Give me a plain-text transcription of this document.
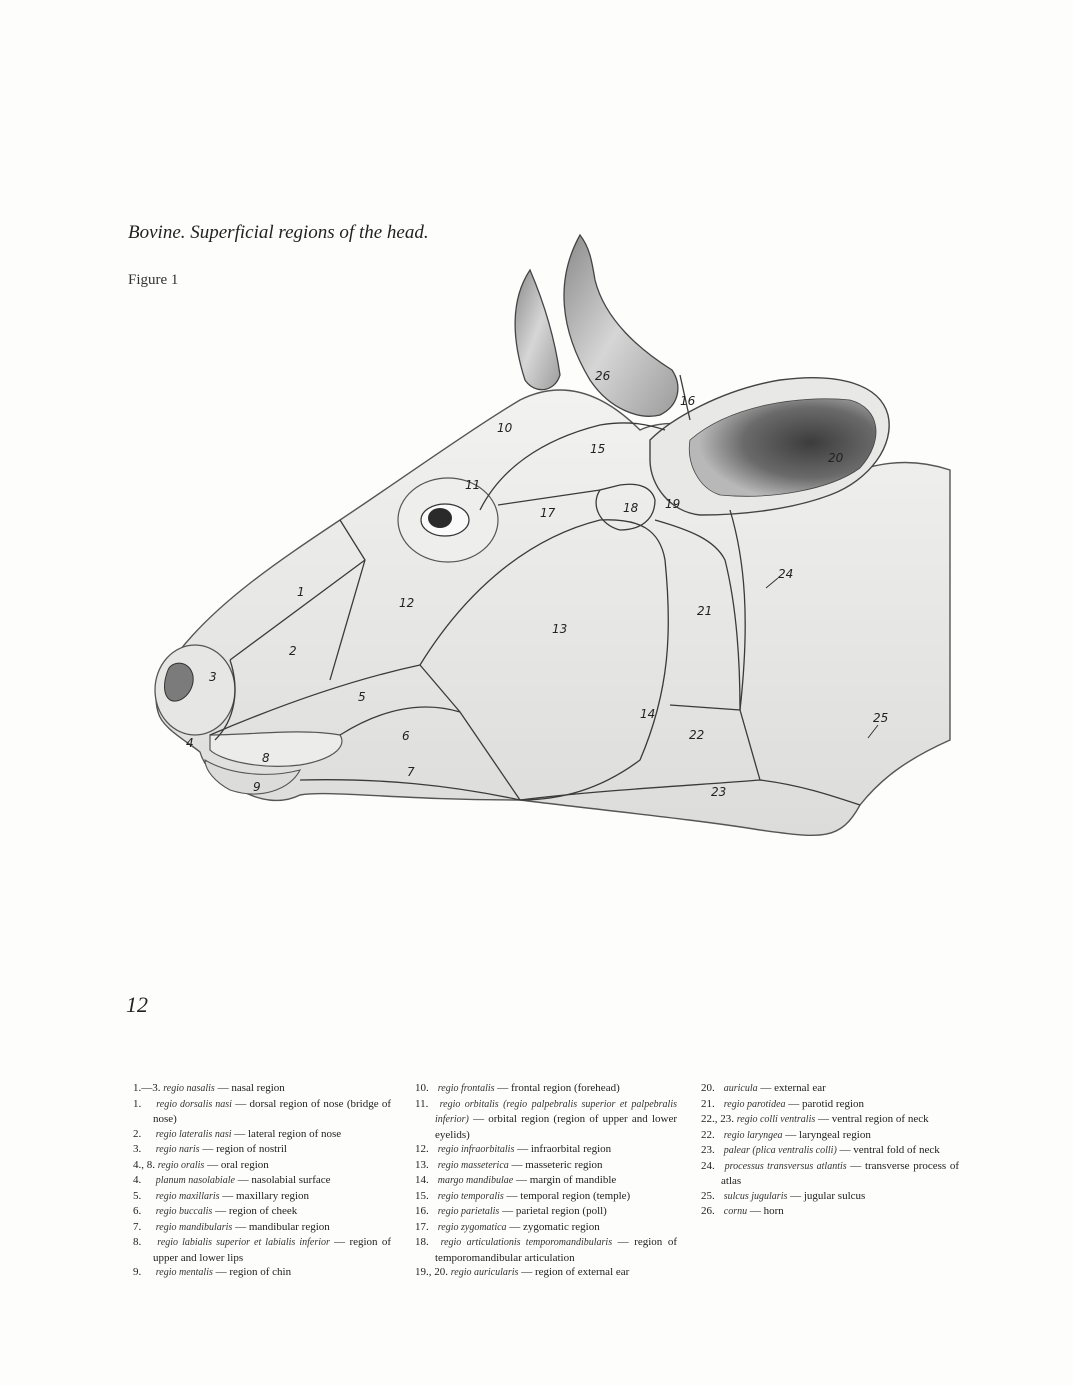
Bovine. Superficial regions of the head.
Figure 1
1
2
3
4
5
6
7
8
9
10
11
12
13
14
15
16
17	18 19
20
21
22
23
24
25
26
1.—3. regio nasalis — nasal region
1. regio dorsalis nasi — dorsal region of nose (bridge of nose)
2. regio lateralis nasi — lateral region of nose
3. regio naris — region of nostril
4., 8. regio oralis — oral region
4. planum nasolabiale — nasolabial surface
5. regio maxillaris — maxillary region
6. regio buccalis — region of cheek
7. regio mandibularis — mandibular region
8. regio labialis superior et labialis inferior — region of upper and lower lips
9. regio mentalis — region of chin
10. regio frontalis — frontal region (forehead)
11. regio orbitalis (regio palpebralis superior et palpebralis inferior) — orbital region (region of upper and lower eyelids)
12. regio infraorbitalis — infraorbital region
13. regio masseterica — masseteric region
14. margo mandibulae — margin of mandible
15. regio temporalis — temporal region (temple)
16. regio parietalis — parietal region (poll)
17. regio zygomatica — zygomatic region
18. regio articulationis temporomandibularis — region of temporomandibular articulation
19., 20. regio auricularis — region of external ear
20. auricula — external ear
21. regio parotidea — parotid region
22., 23. regio colli ventralis — ventral region of neck
22. regio laryngea — laryngeal region
23. palear (plica ventralis colli) — ventral fold of neck
24. processus transversus atlantis — transverse process of atlas
25. sulcus jugularis — jugular sulcus
26. cornu — horn
12
